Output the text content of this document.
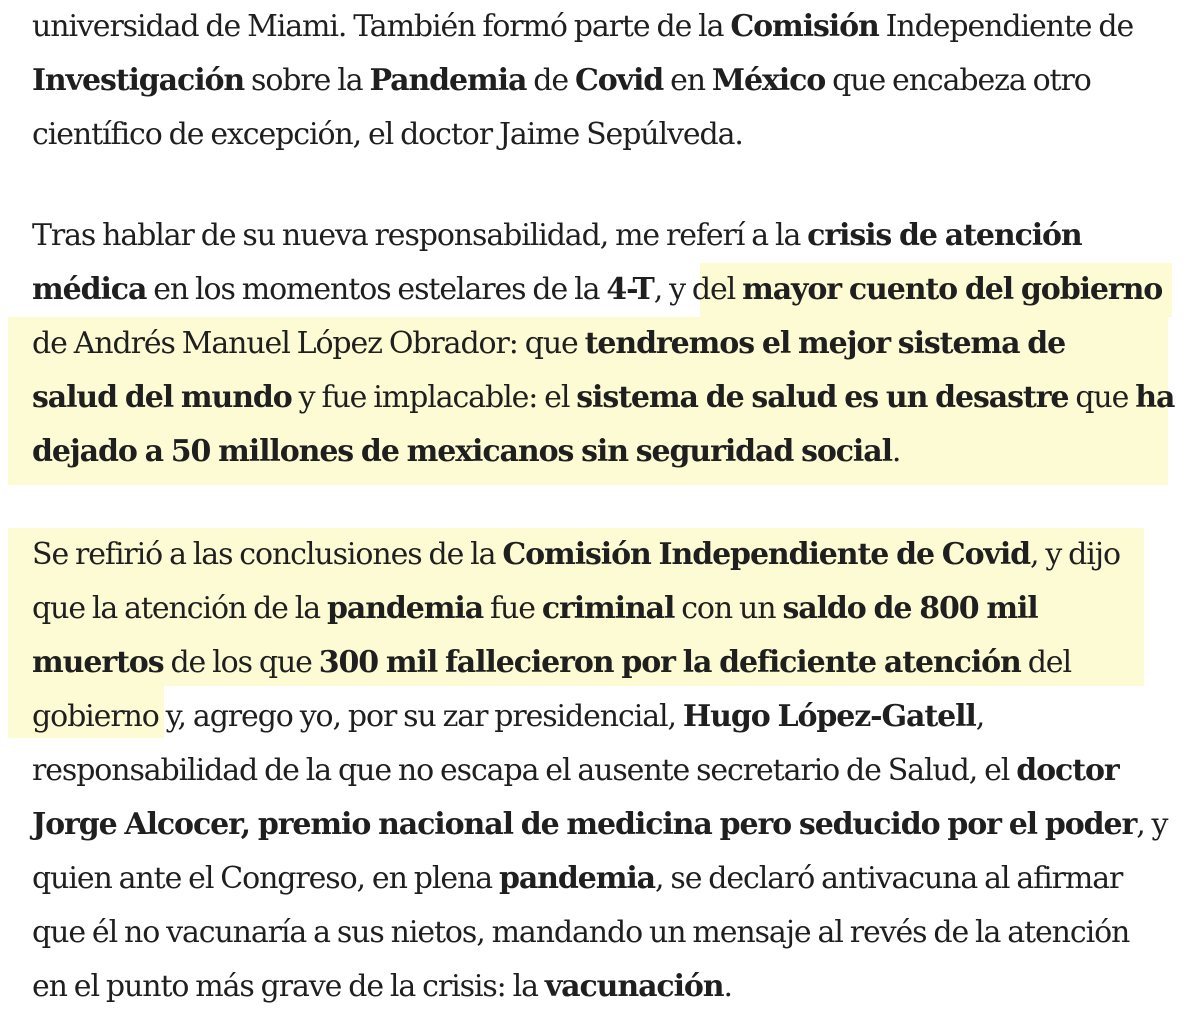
universidad de Miami. También formó parte de la Comisión Independiente de
Investigación sobre la Pandemia de Covid en México que encabeza otro
científico de excepción, el doctor Jaime Sepúlveda.
Tras hablar de su nueva responsabilidad, me referí a la crisis de atención
médica en los momentos estelares de la 4-T, y del mayor cuento del gobierno
de Andrés Manuel López Obrador: que tendremos el mejor sistema de
salud del mundo y fue implacable: el sistema de salud es un desastre que ha
dejado a 50 millones de mexicanos sin seguridad social.
Se refirió a las conclusiones de la Comisión Independiente de Covid, y dijo
que la atención de la pandemia fue criminal con un saldo de 800 mil
muertos de los que 300 mil fallecieron por la deficiente atención del
gobierno y, agrego yo, por su zar presidencial, Hugo López-Gatell,
responsabilidad de la que no escapa el ausente secretario de Salud, el doctor
Jorge Alcocer, premio nacional de medicina pero seducido por el poder, y
quien ante el Congreso, en plena pandemia, se declaró antivacuna al afirmar
que él no vacunaría a sus nietos, mandando un mensaje al revés de la atención
en el punto más grave de la crisis: la vacunación.
